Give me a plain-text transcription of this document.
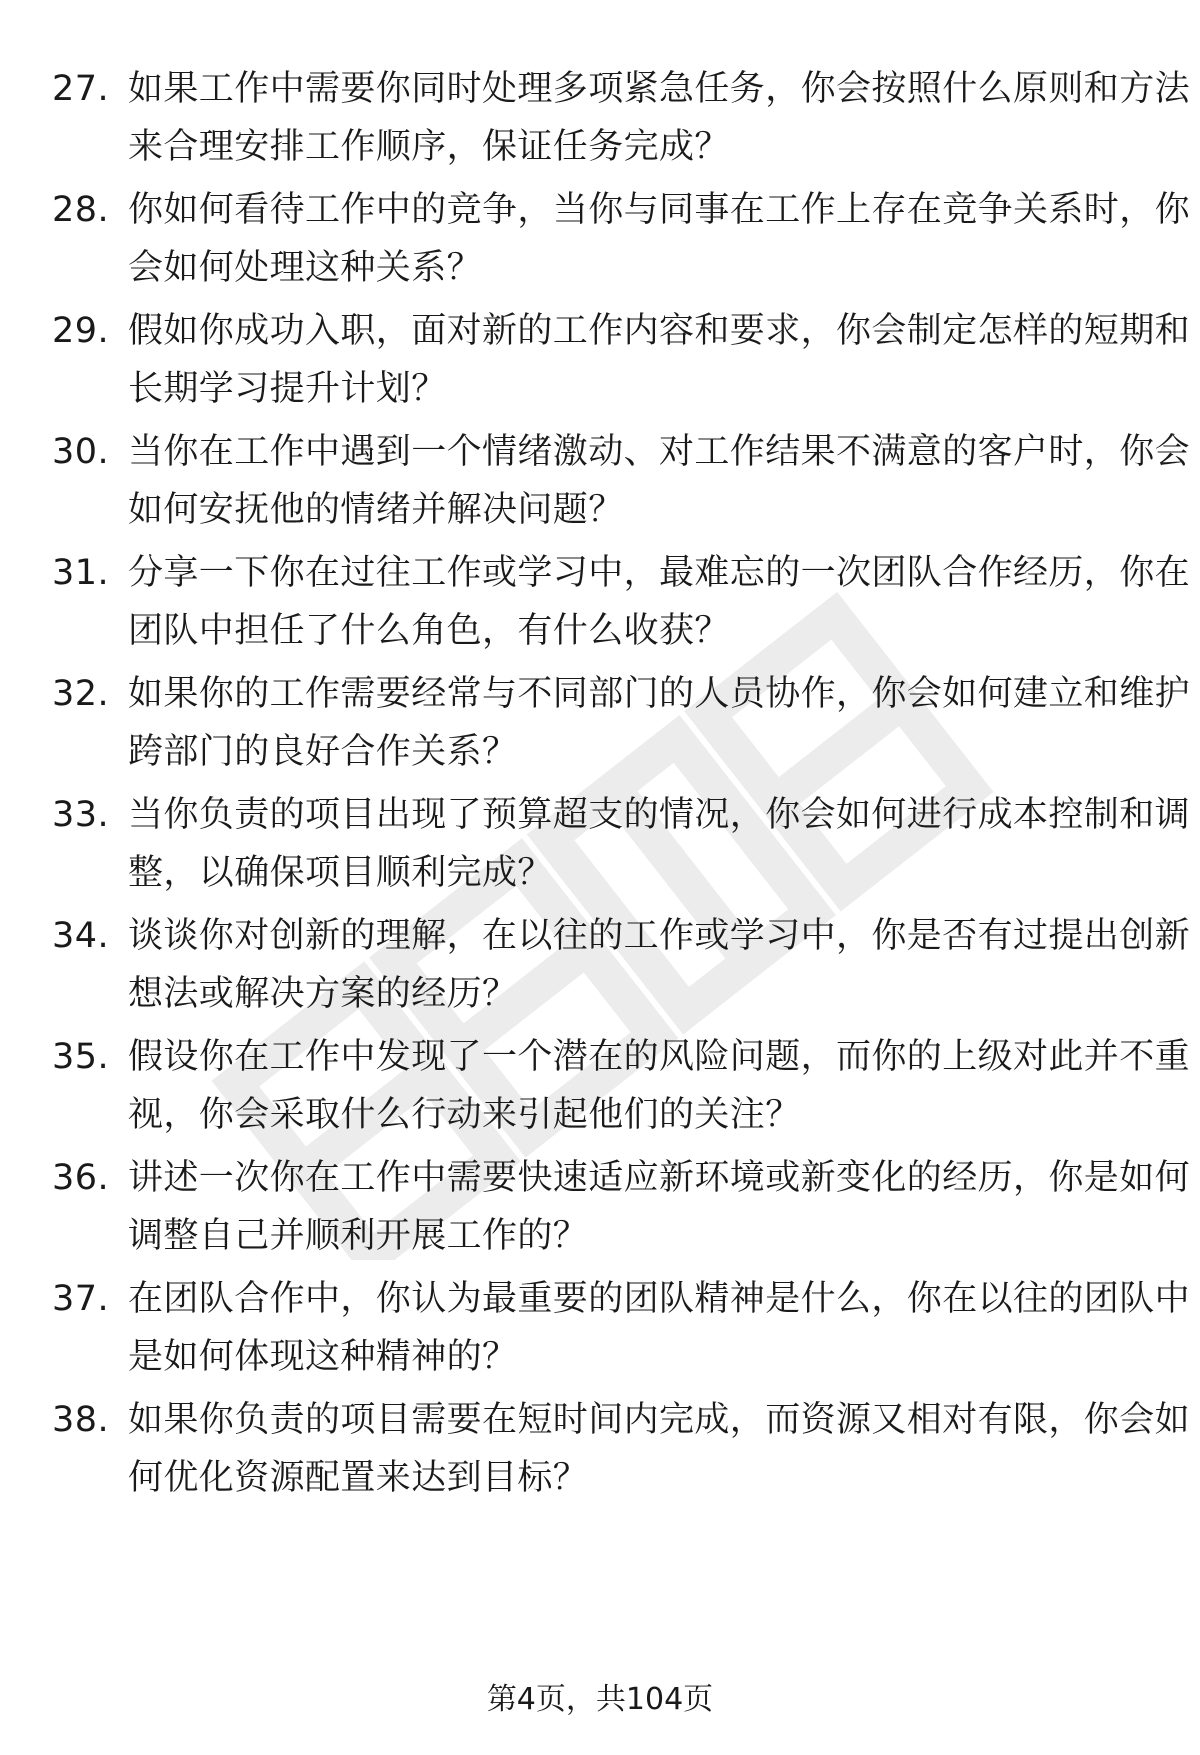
27. 如果工作中需要你同时处理多项紧急任务，你会按照什么原则和方法来合理安排工作顺序，保证任务完成？
28. 你如何看待工作中的竞争，当你与同事在工作上存在竞争关系时，你会如何处理这种关系？
29. 假如你成功入职，面对新的工作内容和要求，你会制定怎样的短期和长期学习提升计划？
30. 当你在工作中遇到一个情绪激动、对工作结果不满意的客户时，你会如何安抚他的情绪并解决问题？
31. 分享一下你在过往工作或学习中，最难忘的一次团队合作经历，你在团队中担任了什么角色，有什么收获？
32. 如果你的工作需要经常与不同部门的人员协作，你会如何建立和维护跨部门的良好合作关系？
33. 当你负责的项目出现了预算超支的情况，你会如何进行成本控制和调整，以确保项目顺利完成？
34. 谈谈你对创新的理解，在以往的工作或学习中，你是否有过提出创新想法或解决方案的经历？
35. 假设你在工作中发现了一个潜在的风险问题，而你的上级对此并不重视，你会采取什么行动来引起他们的关注？
36. 讲述一次你在工作中需要快速适应新环境或新变化的经历，你是如何调整自己并顺利开展工作的？
37. 在团队合作中，你认为最重要的团队精神是什么，你在以往的团队中是如何体现这种精神的？
38. 如果你负责的项目需要在短时间内完成，而资源又相对有限，你会如何优化资源配置来达到目标？
第4页，共104页
